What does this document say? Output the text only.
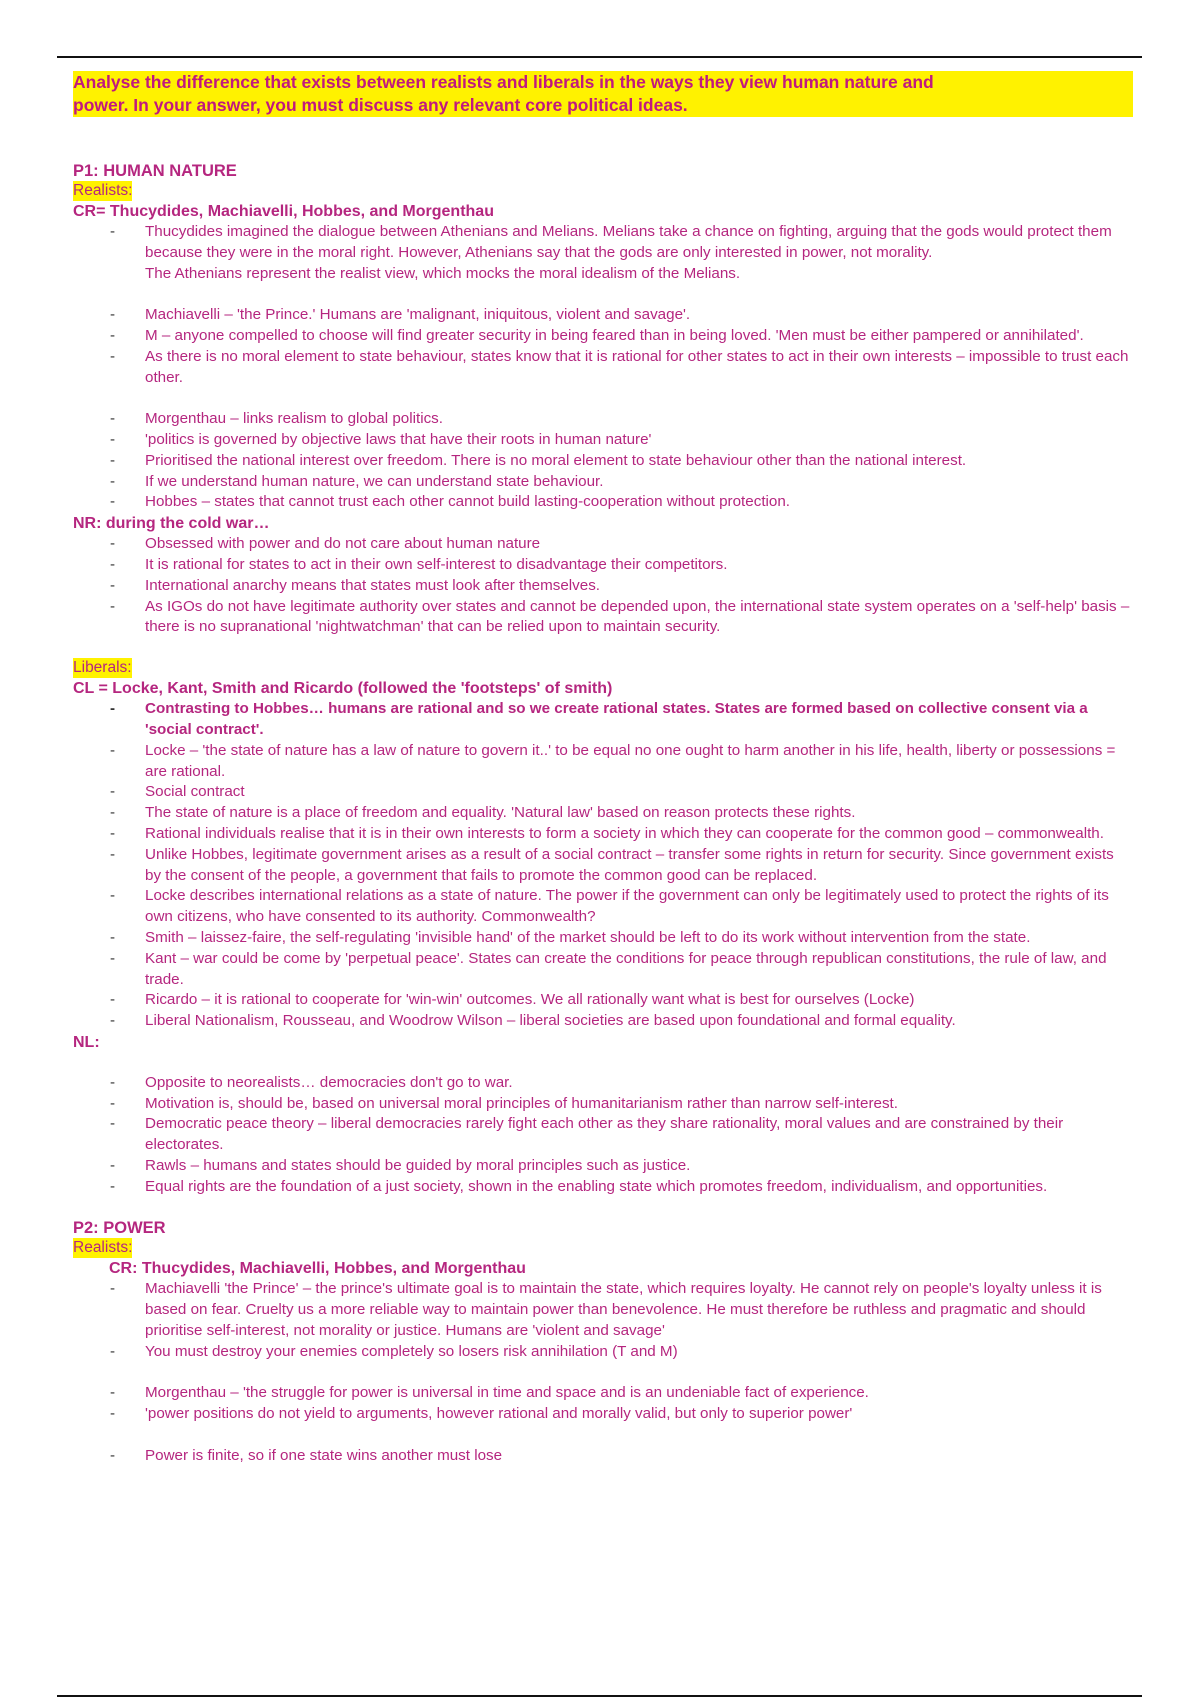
Analyse the difference that exists between realists and liberals in the ways they view human nature and
power. In your answer, you must discuss any relevant core political ideas.

P1: HUMAN NATURE
Realists:
CR= Thucydides, Machiavelli, Hobbes, and Morgenthau
- Thucydides imagined the dialogue between Athenians and Melians. Melians take a chance on fighting, arguing that the gods would protect them because they were in the moral right. However, Athenians say that the gods are only interested in power, not morality.
The Athenians represent the realist view, which mocks the moral idealism of the Melians.
- Machiavelli – 'the Prince.' Humans are 'malignant, iniquitous, violent and savage'.
- M – anyone compelled to choose will find greater security in being feared than in being loved. 'Men must be either pampered or annihilated'.
- As there is no moral element to state behaviour, states know that it is rational for other states to act in their own interests – impossible to trust each other.
- Morgenthau – links realism to global politics.
- 'politics is governed by objective laws that have their roots in human nature'
- Prioritised the national interest over freedom. There is no moral element to state behaviour other than the national interest.
- If we understand human nature, we can understand state behaviour.
- Hobbes – states that cannot trust each other cannot build lasting-cooperation without protection.
NR: during the cold war…
- Obsessed with power and do not care about human nature
- It is rational for states to act in their own self-interest to disadvantage their competitors.
- International anarchy means that states must look after themselves.
- As IGOs do not have legitimate authority over states and cannot be depended upon, the international state system operates on a 'self-help' basis – there is no supranational 'nightwatchman' that can be relied upon to maintain security.
Liberals:
CL = Locke, Kant, Smith and Ricardo (followed the 'footsteps' of smith)
- Contrasting to Hobbes… humans are rational and so we create rational states. States are formed based on collective consent via a 'social contract'.
- Locke – 'the state of nature has a law of nature to govern it..' to be equal no one ought to harm another in his life, health, liberty or possessions = are rational.
- Social contract
- The state of nature is a place of freedom and equality. 'Natural law' based on reason protects these rights.
- Rational individuals realise that it is in their own interests to form a society in which they can cooperate for the common good – commonwealth.
- Unlike Hobbes, legitimate government arises as a result of a social contract – transfer some rights in return for security. Since government exists by the consent of the people, a government that fails to promote the common good can be replaced.
- Locke describes international relations as a state of nature. The power if the government can only be legitimately used to protect the rights of its own citizens, who have consented to its authority. Commonwealth?
- Smith – laissez-faire, the self-regulating 'invisible hand' of the market should be left to do its work without intervention from the state.
- Kant – war could be come by 'perpetual peace'. States can create the conditions for peace through republican constitutions, the rule of law, and trade.
- Ricardo – it is rational to cooperate for 'win-win' outcomes. We all rationally want what is best for ourselves (Locke)
- Liberal Nationalism, Rousseau, and Woodrow Wilson – liberal societies are based upon foundational and formal equality.
NL:
- Opposite to neorealists… democracies don't go to war.
- Motivation is, should be, based on universal moral principles of humanitarianism rather than narrow self-interest.
- Democratic peace theory – liberal democracies rarely fight each other as they share rationality, moral values and are constrained by their electorates.
- Rawls – humans and states should be guided by moral principles such as justice.
- Equal rights are the foundation of a just society, shown in the enabling state which promotes freedom, individualism, and opportunities.
P2: POWER
Realists:
CR: Thucydides, Machiavelli, Hobbes, and Morgenthau
- Machiavelli 'the Prince' – the prince's ultimate goal is to maintain the state, which requires loyalty. He cannot rely on people's loyalty unless it is based on fear. Cruelty us a more reliable way to maintain power than benevolence. He must therefore be ruthless and pragmatic and should prioritise self-interest, not morality or justice. Humans are 'violent and savage'
- You must destroy your enemies completely so losers risk annihilation (T and M)
- Morgenthau – 'the struggle for power is universal in time and space and is an undeniable fact of experience.
- 'power positions do not yield to arguments, however rational and morally valid, but only to superior power'
- Power is finite, so if one state wins another must lose
